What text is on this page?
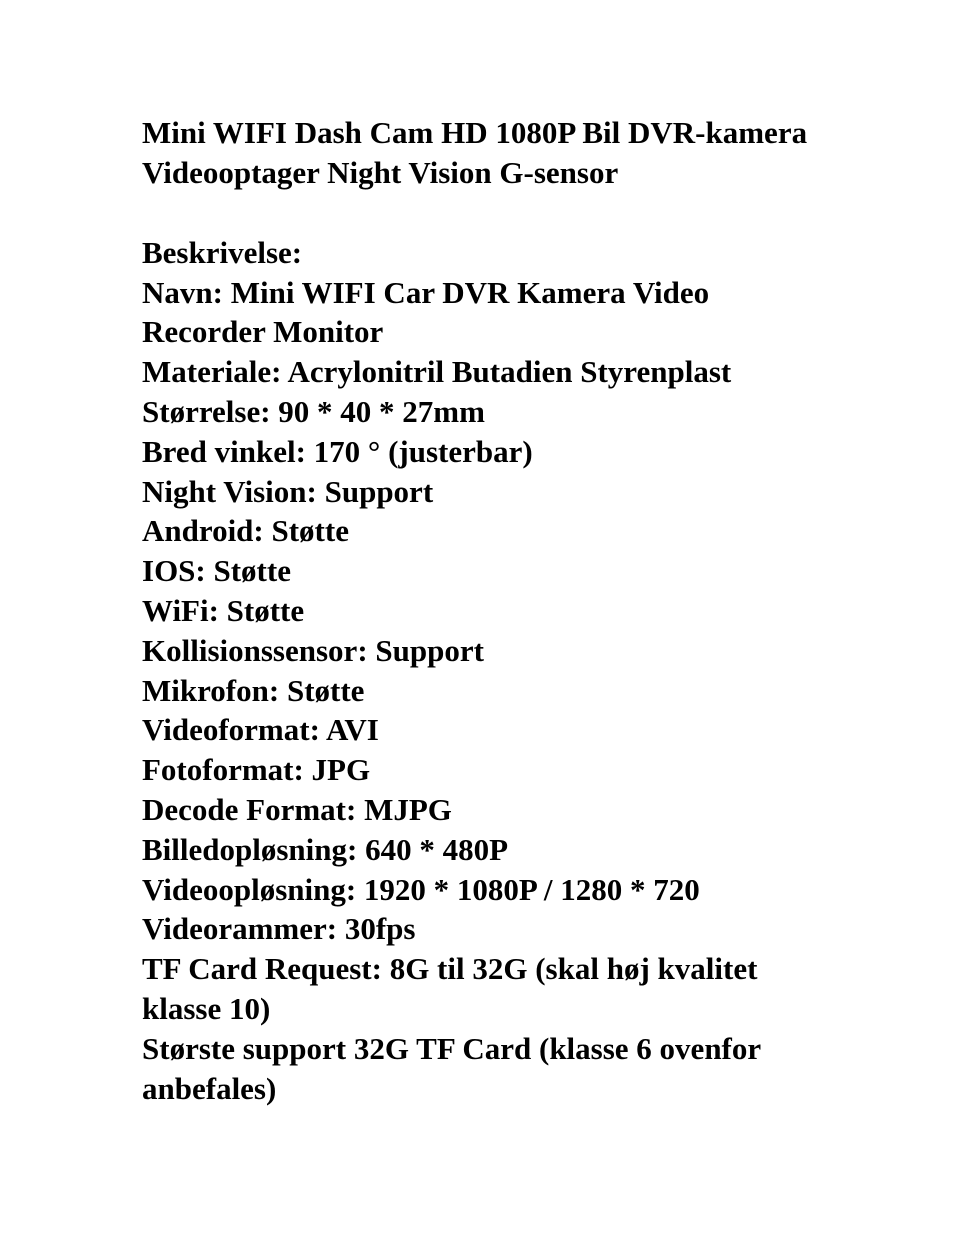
Mini WIFI Dash Cam HD 1080P Bil DVR-kamera Videooptager Night Vision G-sensor

Beskrivelse:

Navn: Mini WIFI Car DVR Kamera Video Recorder Monitor
Materiale: Acrylonitril Butadien Styrenplast
Størrelse: 90 * 40 * 27mm
Bred vinkel: 170 ° (justerbar)
Night Vision: Support
Android: Støtte
IOS: Støtte
WiFi: Støtte
Kollisionssensor: Support
Mikrofon: Støtte
Videoformat: AVI
Fotoformat: JPG
Decode Format: MJPG
Billedopløsning: 640 * 480P
Videoopløsning: 1920 * 1080P / 1280 * 720
Videorammer: 30fps
TF Card Request: 8G til 32G (skal høj kvalitet klasse 10)
Største support 32G TF Card (klasse 6 ovenfor anbefales)
